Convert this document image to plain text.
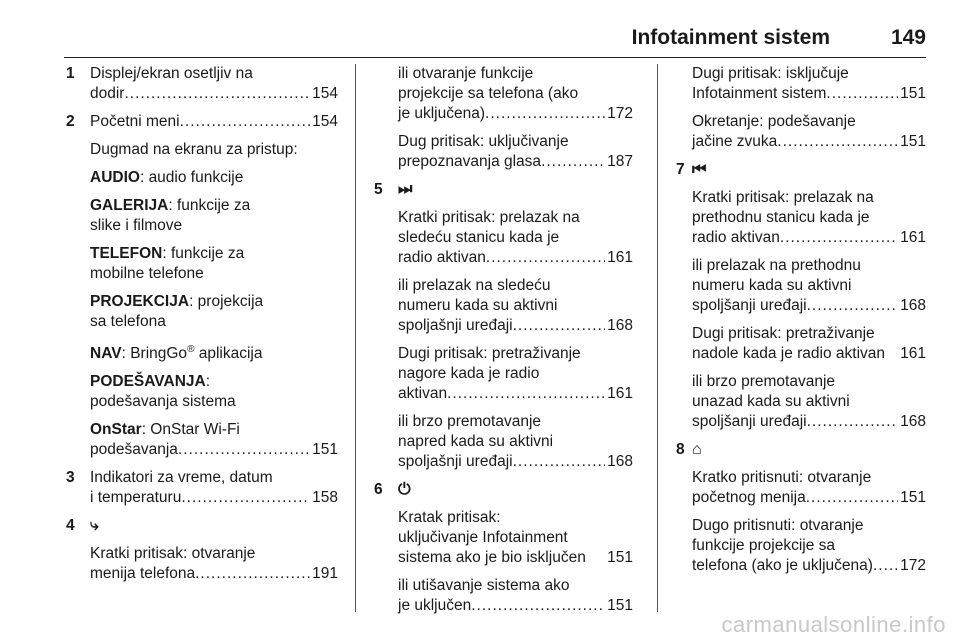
Infotainment sistem	149
1 Displej/ekran osetljiv na
dodir .....	154
2 Početni meni .....	154
Dugmad na ekranu za pristup:
AUDIO: audio funkcije
GALERIJA: funkcije za
slike i filmove
TELEFON: funkcije za
mobilne telefone
PROJEKCIJA: projekcija
sa telefona
NAV: BringGo® aplikacija
PODEŠAVANJA:
podešavanja sistema
OnStar: OnStar Wi-Fi
podešavanja .....	151
3 Indikatori za vreme, datum
i temperaturu .....	158
4 ⤷
Kratki pritisak: otvaranje
menija telefona .....	191
ili otvaranje funkcije
projekcije sa telefona (ako
je uključena) .....	172
Dug pritisak: uključivanje
prepoznavanja glasa .....	187
5 ⏭
Kratki pritisak: prelazak na
sledeću stanicu kada je
radio aktivan .....	161
ili prelazak na sledeću
numeru kada su aktivni
spoljašnji uređaji .....	168
Dugi pritisak: pretraživanje
nagore kada je radio
aktivan .....	161
ili brzo premotavanje
napred kada su aktivni
spoljašnji uređaji .....	168
6 ⏻
Kratak pritisak:
uključivanje Infotainment
sistema ako je bio isključen 151
ili utišavanje sistema ako
je uključen .....	151
Dugi pritisak: isključuje
Infotainment sistem .....	151
Okretanje: podešavanje
jačine zvuka .....	151
7 ⏮
Kratki pritisak: prelazak na
prethodnu stanicu kada je
radio aktivan .....	161
ili prelazak na prethodnu
numeru kada su aktivni
spoljšanji uređaji .....	168
Dugi pritisak: pretraživanje
nadole kada je radio aktivan 161
ili brzo premotavanje
unazad kada su aktivni
spoljšanji uređaji .....	168
8 ⌂
Kratko pritisnuti: otvaranje
početnog menija .....	151
Dugo pritisnuti: otvaranje
funkcije projekcije sa
telefona (ako je uključena) ..... 172
carmanualsonline.info
